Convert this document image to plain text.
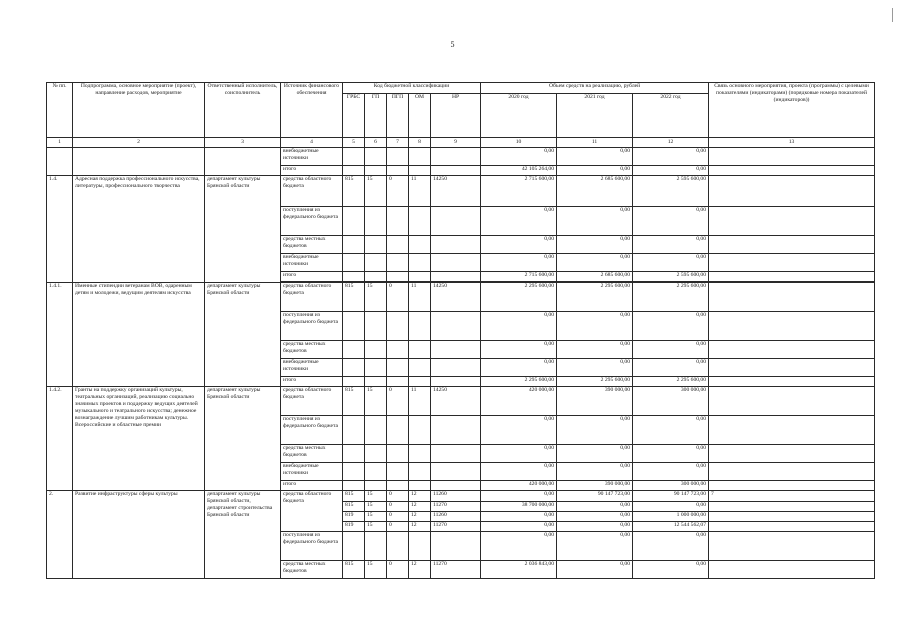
5
№ пп.	Подпрограмма, основное мероприятие (проект), направление расходов, мероприятие	Ответственный исполнитель, соисполнитель	Источник финансового обеспечения	Код бюджетной классификации					Объем средств на реализацию, рублей			Связь основного мероприятия, проекта (программы) с целевыми показателями (индикаторами) (порядковые номера показателей (индикаторов))
				ГРБС	ГП	ПГП	ОМ	НР	2020 год	2021 год	2022 год	
1	2	3	4	5	6	7	8	9	10	11	12	13
			внебюджетные источники						0,00	0,00	0,00	
			итого						42 105 264,00	0,00	0,00	
1.4.	Адресная поддержка профессионального искусства, литературы, профессионального творчества	департамент культуры Брянской области	средства областного бюджета	815	15	0	11	14250	2 715 600,00	2 685 600,00	2 595 600,00	
			поступления из федерального бюджета						0,00	0,00	0,00	
			средства местных бюджетов						0,00	0,00	0,00	
			внебюджетные источники						0,00	0,00	0,00	
			итого						2 715 600,00	2 685 600,00	2 595 600,00	

1.4.1.	Именные стипендии ветеранам ВОВ, одаренным детям и молодежи, ведущим деятелям искусства	департамент культуры Брянской области	средства областного бюджета	815	15	0	11	14250	2 295 600,00	2 295 600,00	2 295 600,00	
			поступления из федерального бюджета						0,00	0,00	0,00	
			средства местных бюджетов						0,00	0,00	0,00	
			внебюджетные источники						0,00	0,00	0,00	
			итого						2 295 600,00	2 295 600,00	2 295 600,00	
1.4.2.	Гранты на поддержку организаций культуры, театральных организаций, реализацию социально значимых проектов и поддержку ведущих деятелей музыкального и театрального искусства; денежное вознаграждение лучшим работникам культуры. Всероссийские и областные премии	департамент культуры Брянской области	средства областного бюджета	815	15	0	11	14250	420 000,00	390 000,00	300 000,00	
			поступления из федерального бюджета						0,00	0,00	0,00	
			средства местных бюджетов						0,00	0,00	0,00	
			внебюджетные источники						0,00	0,00	0,00	
			итого						420 000,00	390 000,00	300 000,00	
2.	Развитие инфраструктуры сферы культуры	департамент культуры Брянской области, департамент строительства Брянской области	средства областного бюджета	815	15	0	12	11260	0,00	90 147 723,00	90 147 723,00	7
				815	15	0	12	11270	38 700 000,00	0,00	0,00	
				819	15	0	12	11260	0,00	0,00	1 000 000,00	
				819	15	0	12	11270	0,00	0,00	12 544 562,07	
			поступления из федерального бюджета						0,00	0,00	0,00	
			средства местных бюджетов	815	15	0	12	11270	2 036 843,00	0,00	0,00	
